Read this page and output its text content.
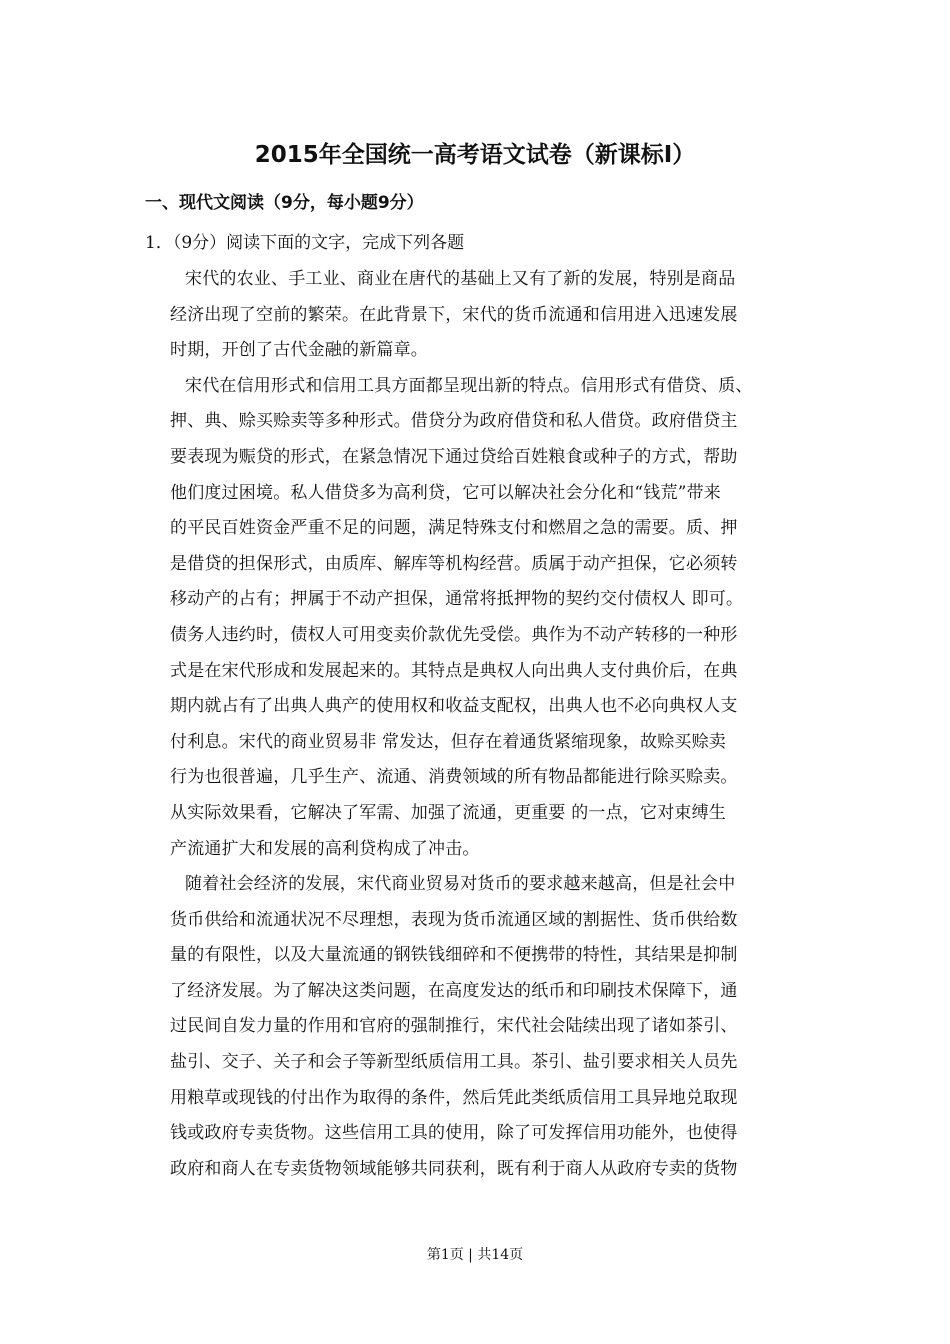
2015年全国统一高考语文试卷（新课标Ⅰ）
一、现代文阅读（9分，每小题9分）
1．（9分）阅读下面的文字，完成下列各题
宋代的农业、手工业、商业在唐代的基础上又有了新的发展，特别是商品
经济出现了空前的繁荣。在此背景下，宋代的货币流通和信用进入迅速发展
时期，开创了古代金融的新篇章。
宋代在信用形式和信用工具方面都呈现出新的特点。信用形式有借贷、质、
押、典、赊买赊卖等多种形式。借贷分为政府借贷和私人借贷。政府借贷主
要表现为赈贷的形式，在紧急情况下通过贷给百姓粮食或种子的方式，帮助
他们度过困境。私人借贷多为高利贷，它可以解决社会分化和“钱荒”带来
的平民百姓资金严重不足的问题，满足特殊支付和燃眉之急的需要。质、押
是借贷的担保形式，由质库、解库等机构经营。质属于动产担保，它必须转
移动产的占有；押属于不动产担保，通常将抵押物的契约交付债权人 即可。
债务人违约时，债权人可用变卖价款优先受偿。典作为不动产转移的一种形
式是在宋代形成和发展起来的。其特点是典权人向出典人支付典价后，在典
期内就占有了出典人典产的使用权和收益支配权，出典人也不必向典权人支
付利息。宋代的商业贸易非 常发达，但存在着通货紧缩现象，故赊买赊卖
行为也很普遍，几乎生产、流通、消费领域的所有物品都能进行除买赊卖。
从实际效果看，它解决了军需、加强了流通，更重要 的一点，它对束缚生
产流通扩大和发展的高利贷构成了冲击。
随着社会经济的发展，宋代商业贸易对货币的要求越来越高，但是社会中
货币供给和流通状况不尽理想，表现为货币流通区域的割据性、货币供给数
量的有限性，以及大量流通的钢铁钱细碎和不便携带的特性，其结果是抑制
了经济发展。为了解决这类问题，在高度发达的纸币和印刷技术保障下，通
过民间自发力量的作用和官府的强制推行，宋代社会陆续出现了诸如茶引、
盐引、交子、关子和会子等新型纸质信用工具。茶引、盐引要求相关人员先
用粮草或现钱的付出作为取得的条件，然后凭此类纸质信用工具异地兑取现
钱或政府专卖货物。这些信用工具的使用，除了可发挥信用功能外，也使得
政府和商人在专卖货物领域能够共同获利，既有利于商人从政府专卖的货物
第1页 | 共14页
